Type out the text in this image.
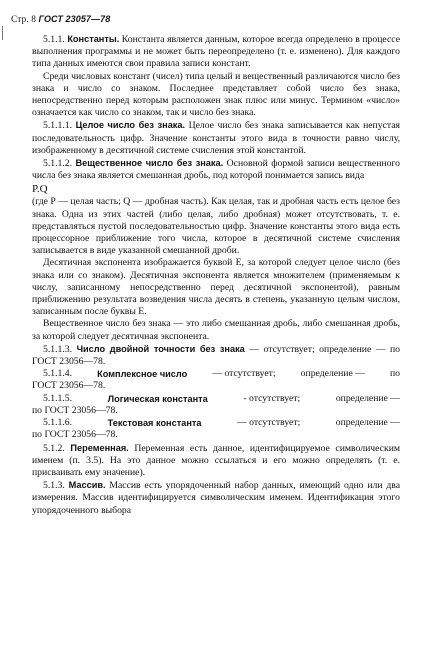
Стр. 8 ГОСТ 23057—78

5.1.1. Константы. Константа является данным, которое всегда определено в процессе выполнения программы и не может быть переопределено (т. е. изменено). Для каждого типа данных имеются свои правила записи констант.

Среди числовых констант (чисел) типа целый и вещественный различаются число без знака и число со знаком. Последнее представляет собой число без знака, непосредственно перед которым расположен знак плюс или минус. Термином «число» означается как число со знаком, так и число без знака.

5.1.1.1. Целое число без знака. Целое число без знака записывается как непустая последовательность цифр. Значение константы этого вида в точности равно числу, изображенному в десятичной системе счисления этой константой.

5.1.1.2. Вещественное число без знака. Основной формой записи вещественного числа без знака является смешанная дробь, под которой понимается запись вида

P.Q

(где Р — целая часть; Q — дробная часть). Как целая, так и дробная часть есть целое без знака. Одна из этих частей (либо целая, либо дробная) может отсутствовать, т. е. представляться пустой последовательностью цифр. Значение константы этого вида есть процессорное приближение того числа, которое в десятичной системе счисления записывается в виде указанной смешанной дроби.

Десятичная экспонента изображается буквой Е, за которой следует целое число (без знака или со знаком). Десятичная экспонента является множителем (применяемым к числу, записанному непосредственно перед десятичной экспонентой), равным приближению результата возведения числа десять в степень, указанную целым числом, записанным после буквы Е.

Вещественное число без знака — это либо смешанная дробь, либо смешанная дробь, за которой следует десятичная экспонента.

5.1.1.3. Число двойной точности без знака — отсутствует; определение — по ГОСТ 23056—78.

5.1.1.4.	Комплексное число	— отсутствует;	определение —	по
ГОСТ 23056—78.
5.1.1.5.	Логическая константа	- отсутствует;	определение —
по ГОСТ 23056—78.
5.1.1.6.	Текстовая константа	— отсутствует;	определение —
по ГОСТ 23056—78.

5.1.2. Переменная. Переменная есть данное, идентифицируемое символическим именем (п. 3.5). На это данное можно ссылаться и его можно определять (т. е. присваивать ему значение).

5.1.3. Массив. Массив есть упорядоченный набор данных, имеющий одно или два измерения. Массив идентифицируется символическим именем. Идентификация этого упорядоченного выбора
